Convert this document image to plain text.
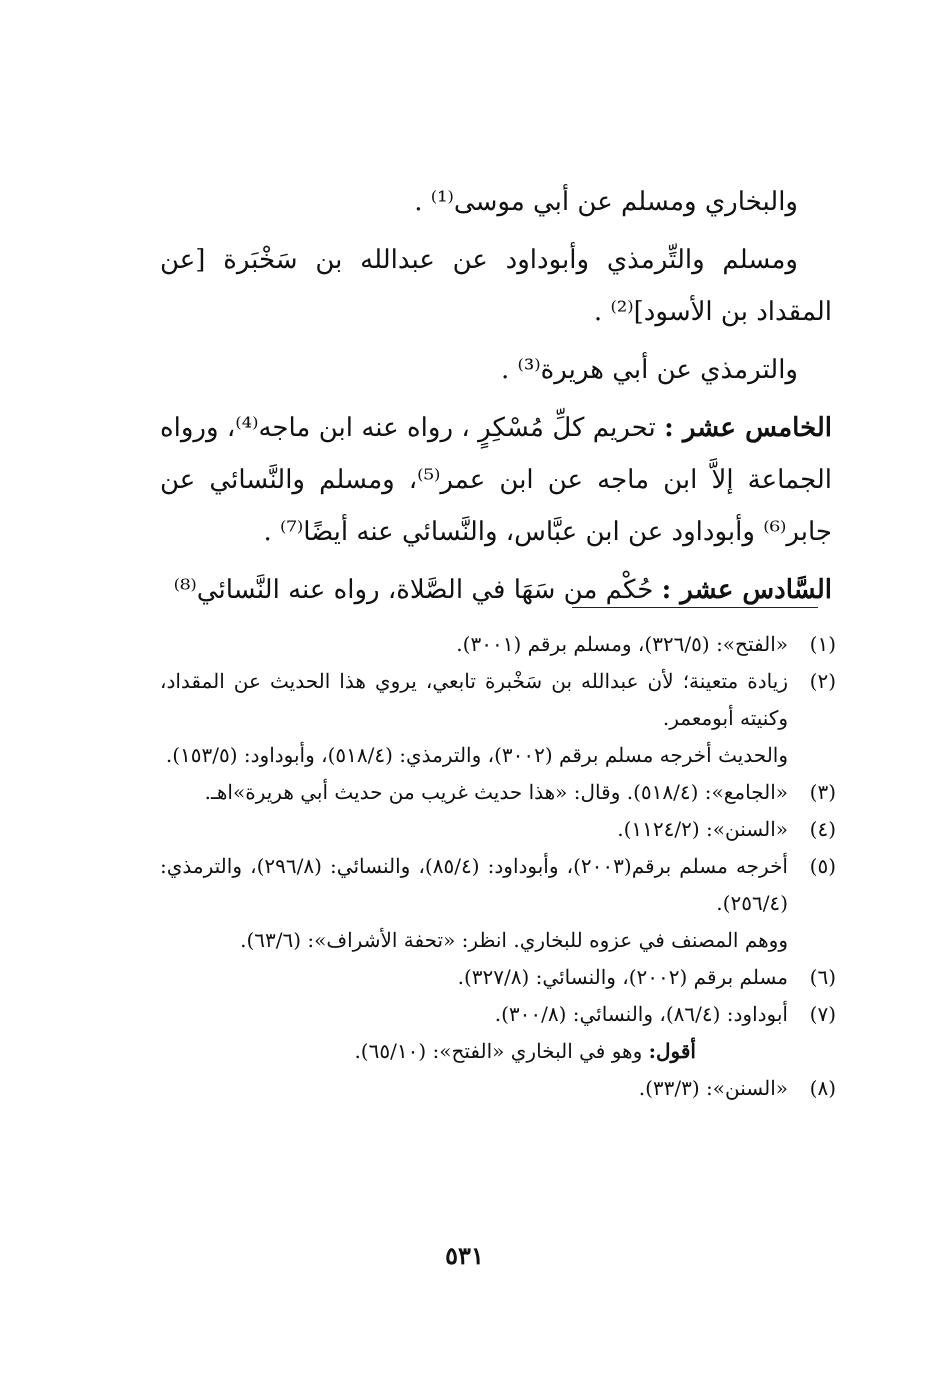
والبخاري ومسلم عن أبي موسى⁽¹⁾ .

ومسلم والتِّرمذي وأبوداود عن عبدالله بن سَخْبَرة [عن المقداد بن الأسود]⁽²⁾ .

والترمذي عن أبي هريرة⁽³⁾ .

الخامس عشر : تحريم كلِّ مُسْكِرٍ ، رواه عنه ابن ماجه⁽⁴⁾، ورواه الجماعة إلاَّ ابن ماجه عن ابن عمر⁽⁵⁾، ومسلم والنَّسائي عن جابر⁽⁶⁾ وأبوداود عن ابن عبَّاس، والنَّسائي عنه أيضًا⁽⁷⁾ .

السَّادس عشر : حُكْم من سَهَا في الصَّلاة، رواه عنه النَّسائي⁽⁸⁾

(١)
«الفتح»: (٣٢٦/٥)، ومسلم برقم (٣٠٠١).
(٢)
زيادة متعينة؛ لأن عبدالله بن سَخْبرة تابعي، يروي هذا الحديث عن المقداد، وكنيته أبومعمر.
والحديث أخرجه مسلم برقم (٣٠٠٢)، والترمذي: (٥١٨/٤)، وأبوداود: (١٥٣/٥).
(٣)
«الجامع»: (٥١٨/٤). وقال: «هذا حديث غريب من حديث أبي هريرة»اهـ.
(٤)
«السنن»: (١١٢٤/٢).
(٥)
أخرجه مسلم برقم(٢٠٠٣)، وأبوداود: (٨٥/٤)، والنسائي: (٢٩٦/٨)، والترمذي: (٢٥٦/٤).
ووهم المصنف في عزوه للبخاري. انظر: «تحفة الأشراف»: (٦٣/٦).
(٦)
مسلم برقم (٢٠٠٢)، والنسائي: (٣٢٧/٨).
(٧)
أبوداود: (٨٦/٤)، والنسائي: (٣٠٠/٨).
أقول: وهو في البخاري «الفتح»: (٦٥/١٠).
(٨)
«السنن»: (٣٣/٣).
٥٣١
